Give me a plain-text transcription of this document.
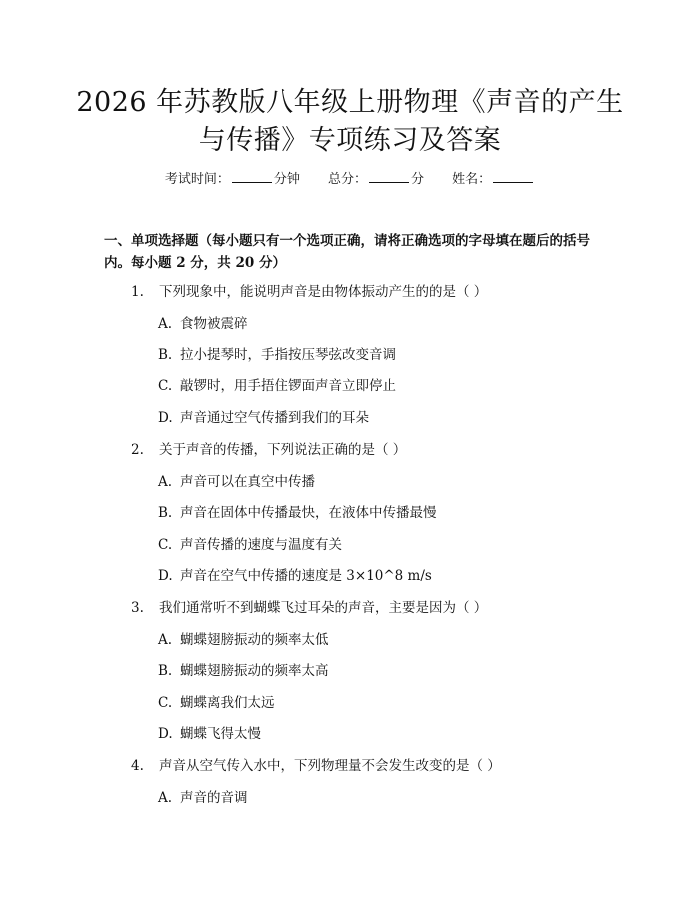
2026 年苏教版八年级上册物理《声音的产生
与传播》专项练习及答案
考试时间：	分钟 总分：	分 姓名：
一、单项选择题（每小题只有一个选项正确，请将正确选项的字母填在题后的括号内。每小题 2 分，共 20 分）
1. 下列现象中，能说明声音是由物体振动产生的的是（ ）
A. 食物被震碎
B. 拉小提琴时，手指按压琴弦改变音调
C. 敲锣时，用手捂住锣面声音立即停止
D. 声音通过空气传播到我们的耳朵
2. 关于声音的传播，下列说法正确的是（ ）
A. 声音可以在真空中传播
B. 声音在固体中传播最快，在液体中传播最慢
C. 声音传播的速度与温度有关
D. 声音在空气中传播的速度是 3×10^8 m/s
3. 我们通常听不到蝴蝶飞过耳朵的声音，主要是因为（ ）
A. 蝴蝶翅膀振动的频率太低
B. 蝴蝶翅膀振动的频率太高
C. 蝴蝶离我们太远
D. 蝴蝶飞得太慢
4. 声音从空气传入水中，下列物理量不会发生改变的是（ ）
A. 声音的音调
